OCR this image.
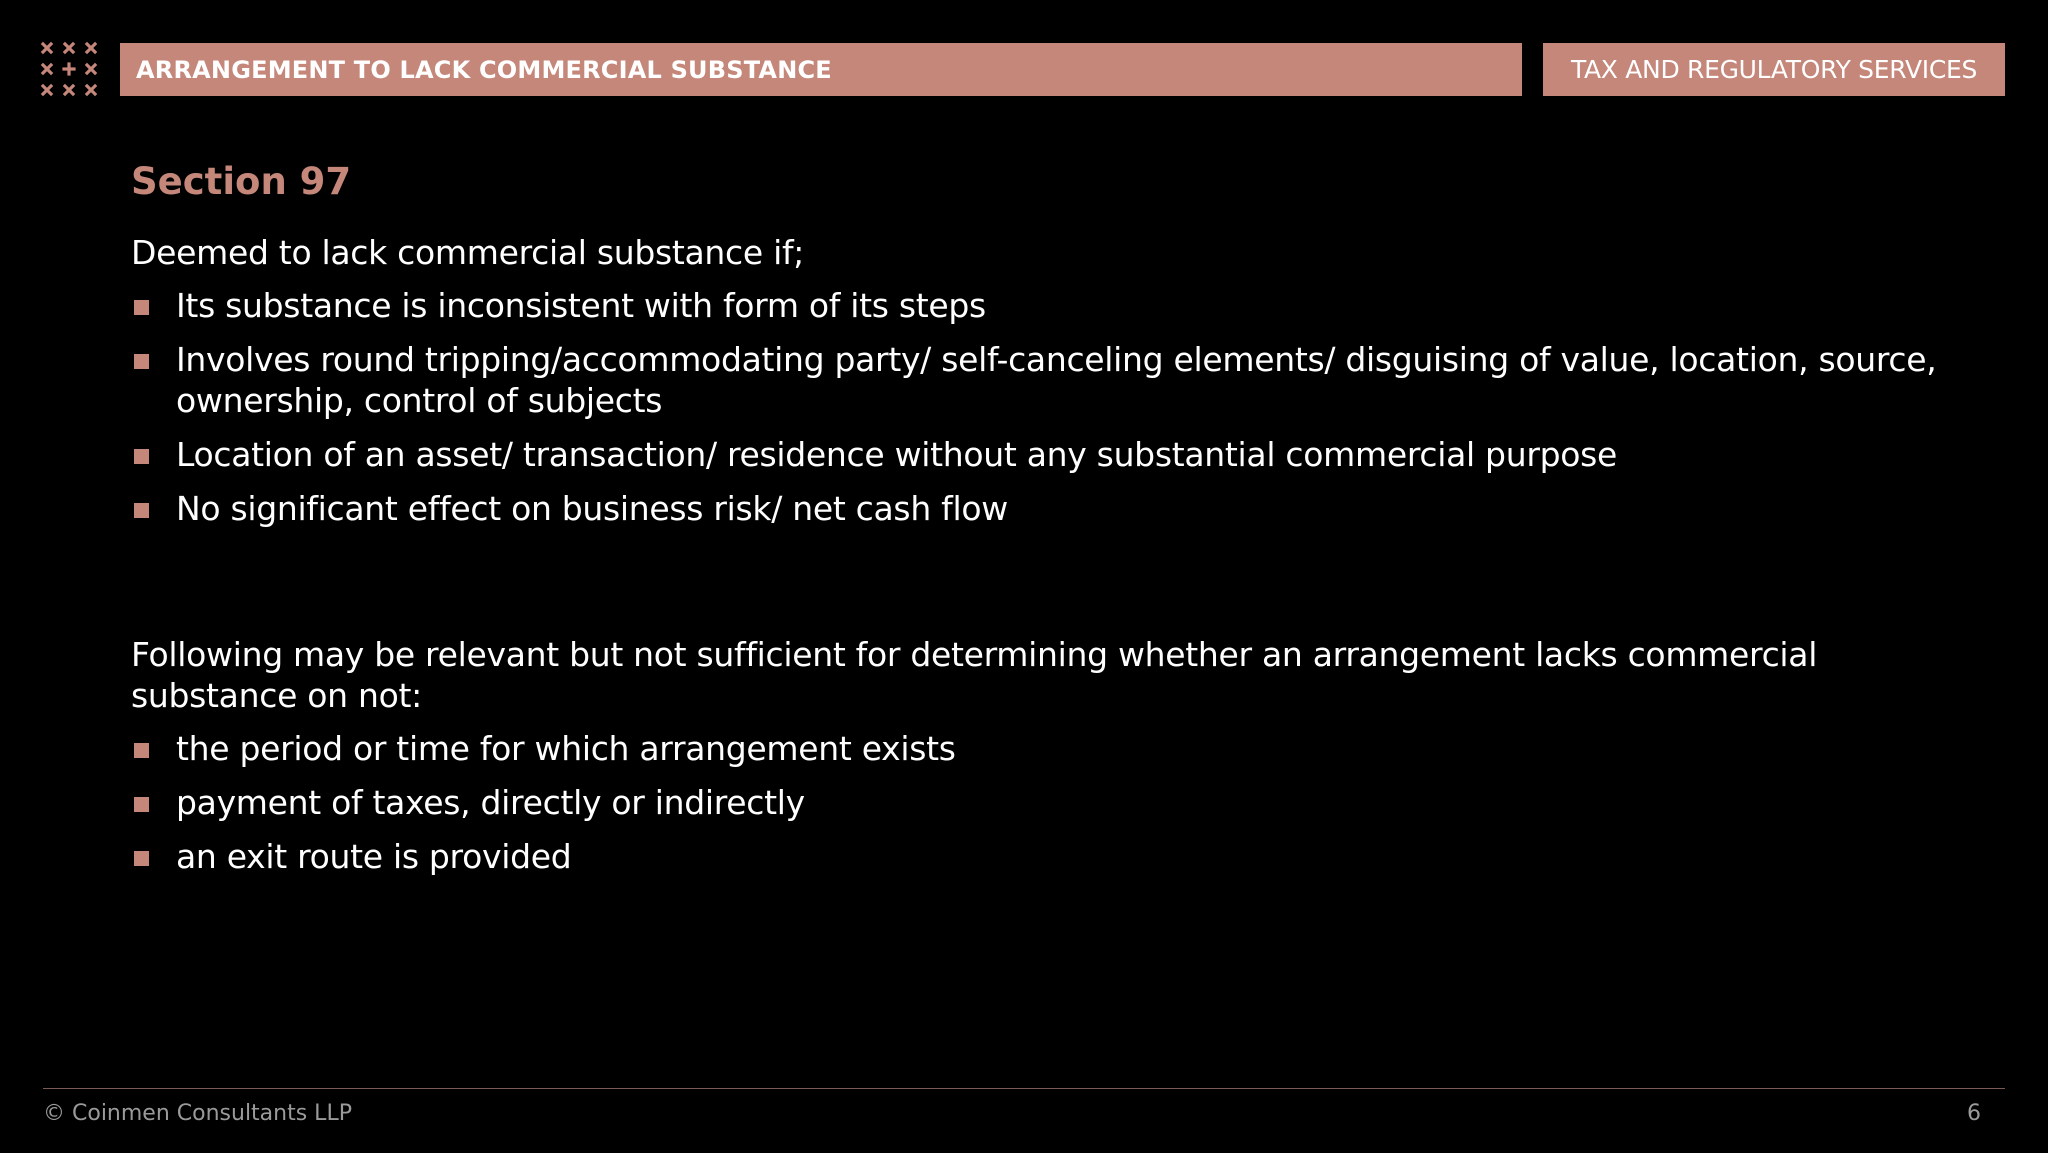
ARRANGEMENT TO LACK COMMERCIAL SUBSTANCE	TAX AND REGULATORY SERVICES
Section 97
Deemed to lack commercial substance if;
Its substance is inconsistent with form of its steps
Involves round tripping/accommodating party/ self-canceling elements/ disguising of value, location, source, ownership, control of subjects
Location of an asset/ transaction/ residence without any substantial commercial purpose
No significant effect on business risk/ net cash flow
Following may be relevant but not sufficient for determining whether an arrangement lacks commercial substance on not:
the period or time for which arrangement exists
payment of taxes, directly or indirectly
an exit route is provided
© Coinmen Consultants LLP	6
